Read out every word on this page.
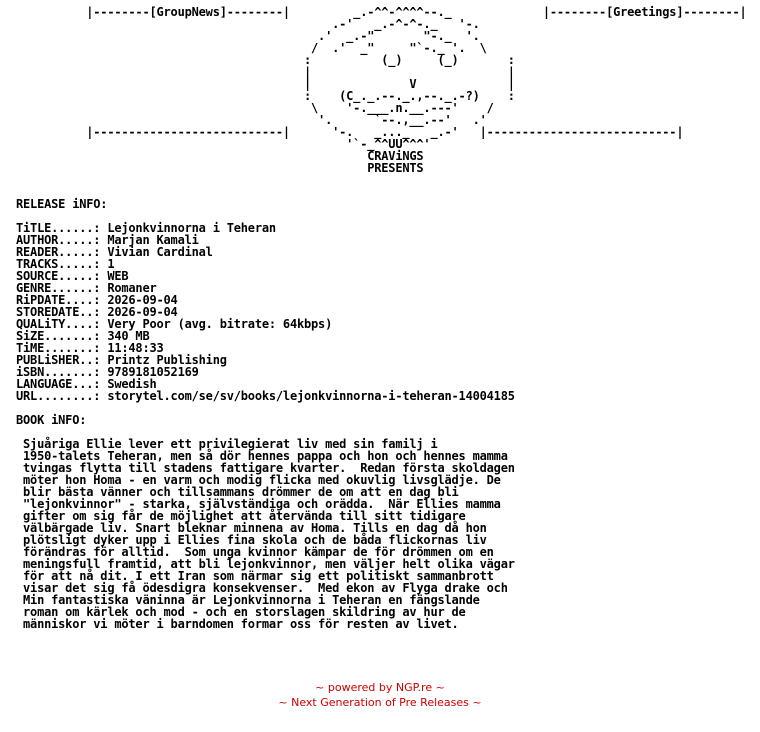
|--------[GroupNews]--------|         _.-^^-^^^^--._             |--------[Greetings]--------|
.-'   _.-^-^-._   '-.
.'  _.-"       "-._  '.
/  .'  _"     "`-._ '.  \
:          (_)     (_)       :
|                            |
|              V             |
:    (C_._.--._.,--._.-?)    :
\    '-.___.n.__.---'    /
'.      `--.,__.--'   .'
|---------------------------|      '-.   _..._   _.-'   |---------------------------|
'`-_^^UU^^^'
CRAViNGS
PRESENTS

RELEASE iNFO:

TiTLE......: Lejonkvinnorna i Teheran
AUTHOR.....: Marjan Kamali
READER.....: Vivian Cardinal
TRACKS.....: 1
SOURCE.....: WEB
GENRE......: Romaner
RiPDATE....: 2026-09-04
STOREDATE..: 2026-09-04
QUALiTY....: Very Poor (avg. bitrate: 64kbps)
SiZE.......: 340 MB
TiME.......: 11:48:33
PUBLiSHER..: Printz Publishing
iSBN.......: 9789181052169
LANGUAGE...: Swedish
URL........: storytel.com/se/sv/books/lejonkvinnorna-i-teheran-14004185

BOOK iNFO:

Sjuåriga Ellie lever ett privilegierat liv med sin familj i
1950-talets Teheran, men så dör hennes pappa och hon och hennes mamma
tvingas flytta till stadens fattigare kvarter.  Redan första skoldagen
möter hon Homa - en varm och modig flicka med okuvlig livsglädje. De
blir bästa vänner och tillsammans drömmer de om att en dag bli
"lejonkvinnor" - starka, självständiga och orädda.  När Ellies mamma
gifter om sig får de möjlighet att återvända till sitt tidigare
välbärgade liv. Snart bleknar minnena av Homa. Tills en dag då hon
plötsligt dyker upp i Ellies fina skola och de båda flickornas liv
förändras för alltid.  Som unga kvinnor kämpar de för drömmen om en
meningsfull framtid, att bli lejonkvinnor, men väljer helt olika vägar
för att nå dit. I ett Iran som närmar sig ett politiskt sammanbrott
visar det sig få ödesdigra konsekvenser.  Med ekon av Flyga drake och
Min fantastiska väninna är Lejonkvinnorna i Teheran en fängslande
roman om kärlek och mod - och en storslagen skildring av hur de
människor vi möter i barndomen formar oss för resten av livet.
~ powered by NGP.re ~
~ Next Generation of Pre Releases ~
